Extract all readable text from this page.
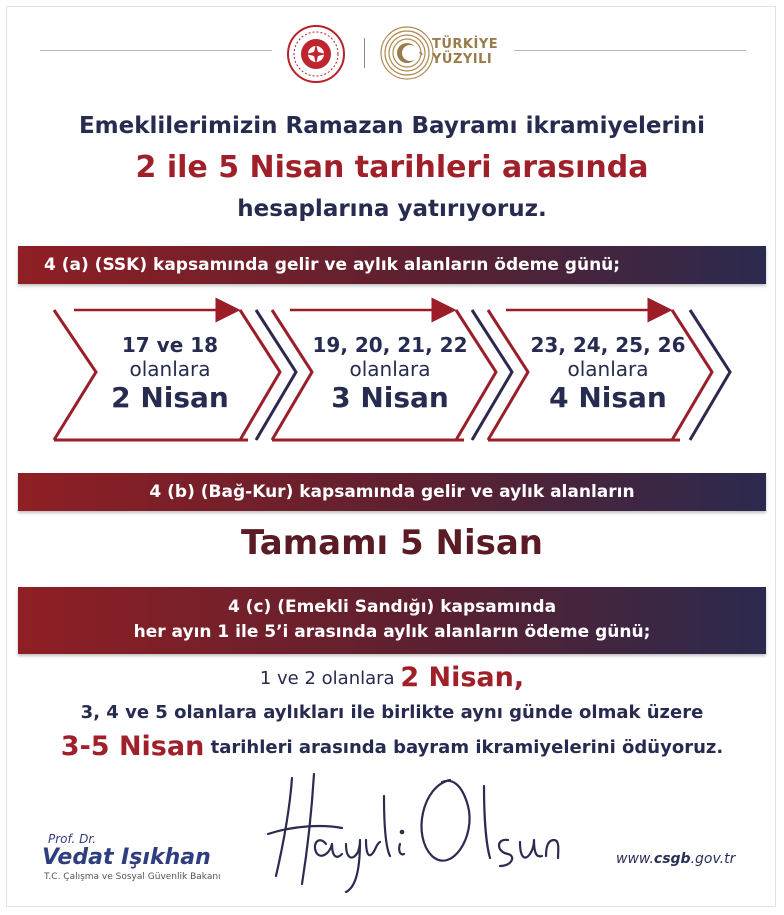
TÜRKİYE
YÜZYILI
Emeklilerimizin Ramazan Bayramı ikramiyelerini
2 ile 5 Nisan tarihleri arasında
hesaplarına yatırıyoruz.
4 (a) (SSK) kapsamında gelir ve aylık alanların ödeme günü;
17 ve 18
olanlara
2 Nisan
19, 20, 21, 22
olanlara
3 Nisan
23, 24, 25, 26
olanlara
4 Nisan
4 (b) (Bağ-Kur) kapsamında gelir ve aylık alanların
Tamamı 5 Nisan
4 (c) (Emekli Sandığı) kapsamında
her ayın 1 ile 5’i arasında aylık alanların ödeme günü;
1 ve 2 olanlara 2 Nisan,
3, 4 ve 5 olanlara aylıkları ile birlikte aynı günde olmak üzere
3-5 Nisan tarihleri arasında bayram ikramiyelerini ödüyoruz.
Prof. Dr.
Vedat Işıkhan
T.C. Çalışma ve Sosyal Güvenlik Bakanı
www.csgb.gov.tr
